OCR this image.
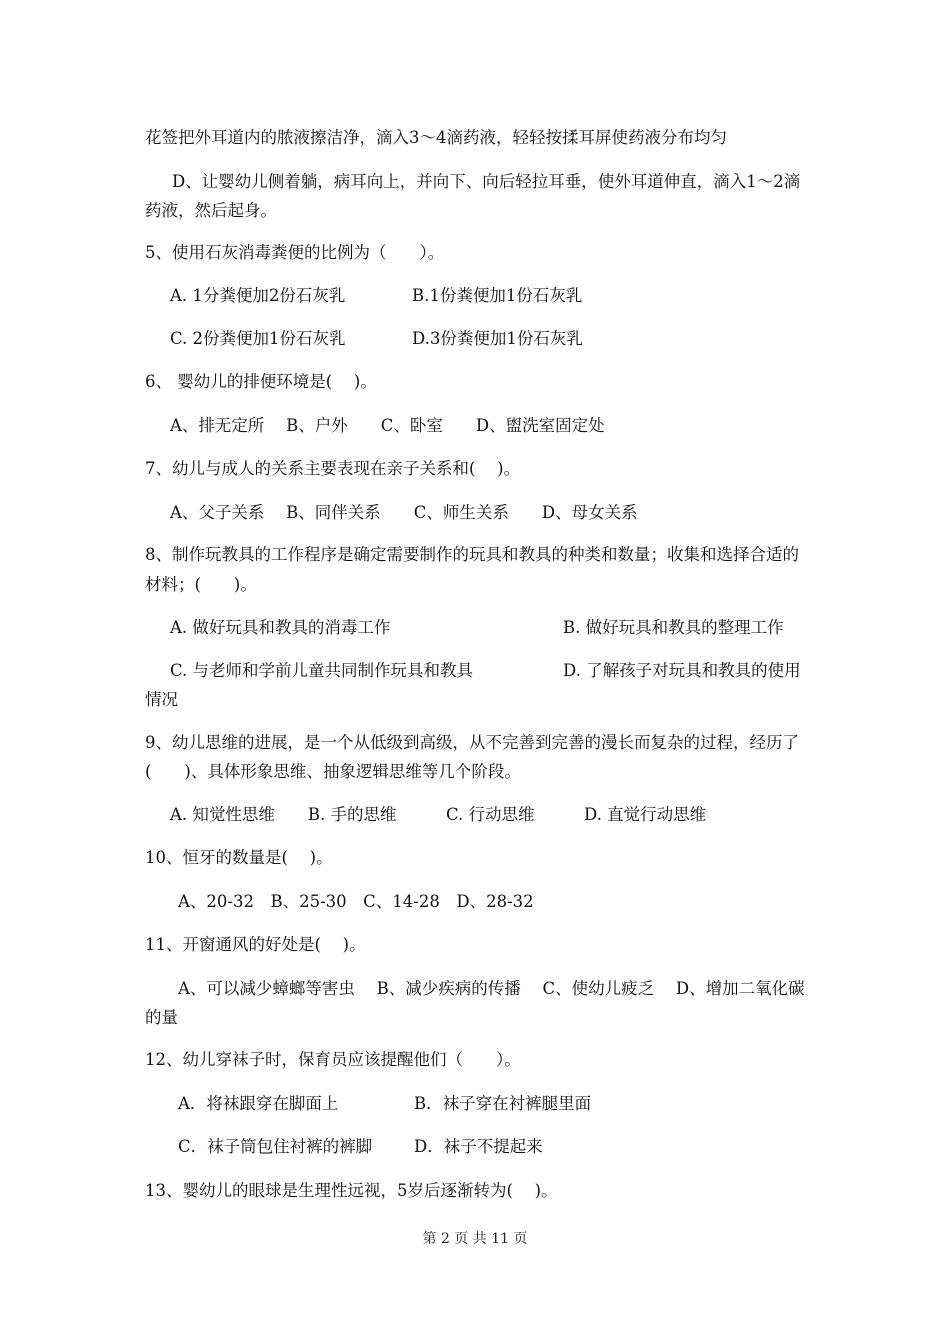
花签把外耳道内的脓液擦洁净，滴入3～4滴药液，轻轻按揉耳屏使药液分布均匀
D、让婴幼儿侧着躺，病耳向上，并向下、向后轻拉耳垂，使外耳道伸直，滴入1～2滴
药液，然后起身。
5、使用石灰消毒粪便的比例为（　　）。
A. 1分粪便加2份石灰乳	B.1份粪便加1份石灰乳
C. 2份粪便加1份石灰乳	D.3份粪便加1份石灰乳
6、 婴幼儿的排便环境是(　 )。
A、排无定所　 B、户外　　C、卧室　　D、盥洗室固定处
7、幼儿与成人的关系主要表现在亲子关系和(　 )。
A、父子关系　 B、同伴关系　　C、师生关系　　D、母女关系
8、制作玩教具的工作程序是确定需要制作的玩具和教具的种类和数量；收集和选择合适的
材料；(　　)。
A. 做好玩具和教具的消毒工作	B. 做好玩具和教具的整理工作
C. 与老师和学前儿童共同制作玩具和教具	D. 了解孩子对玩具和教具的使用
情况
9、幼儿思维的进展，是一个从低级到高级，从不完善到完善的漫长而复杂的过程，经历了
(　　)、具体形象思维、抽象逻辑思维等几个阶段。
A. 知觉性思维　　B. 手的思维　　　C. 行动思维　　　D. 直觉行动思维
10、恒牙的数量是(　 )。
A、20-32　B、25-30　C、14-28　D、28-32
11、开窗通风的好处是(　 )。
A、可以减少蟑螂等害虫　 B、减少疾病的传播　 C、使幼儿疲乏　 D、增加二氧化碳
的量
12、幼儿穿袜子时，保育员应该提醒他们（　　）。
A．将袜跟穿在脚面上	B．袜子穿在衬裤腿里面
C．袜子筒包住衬裤的裤脚	D．袜子不提起来
13、婴幼儿的眼球是生理性远视，5岁后逐渐转为(　 )。
第 2 页 共 11 页
